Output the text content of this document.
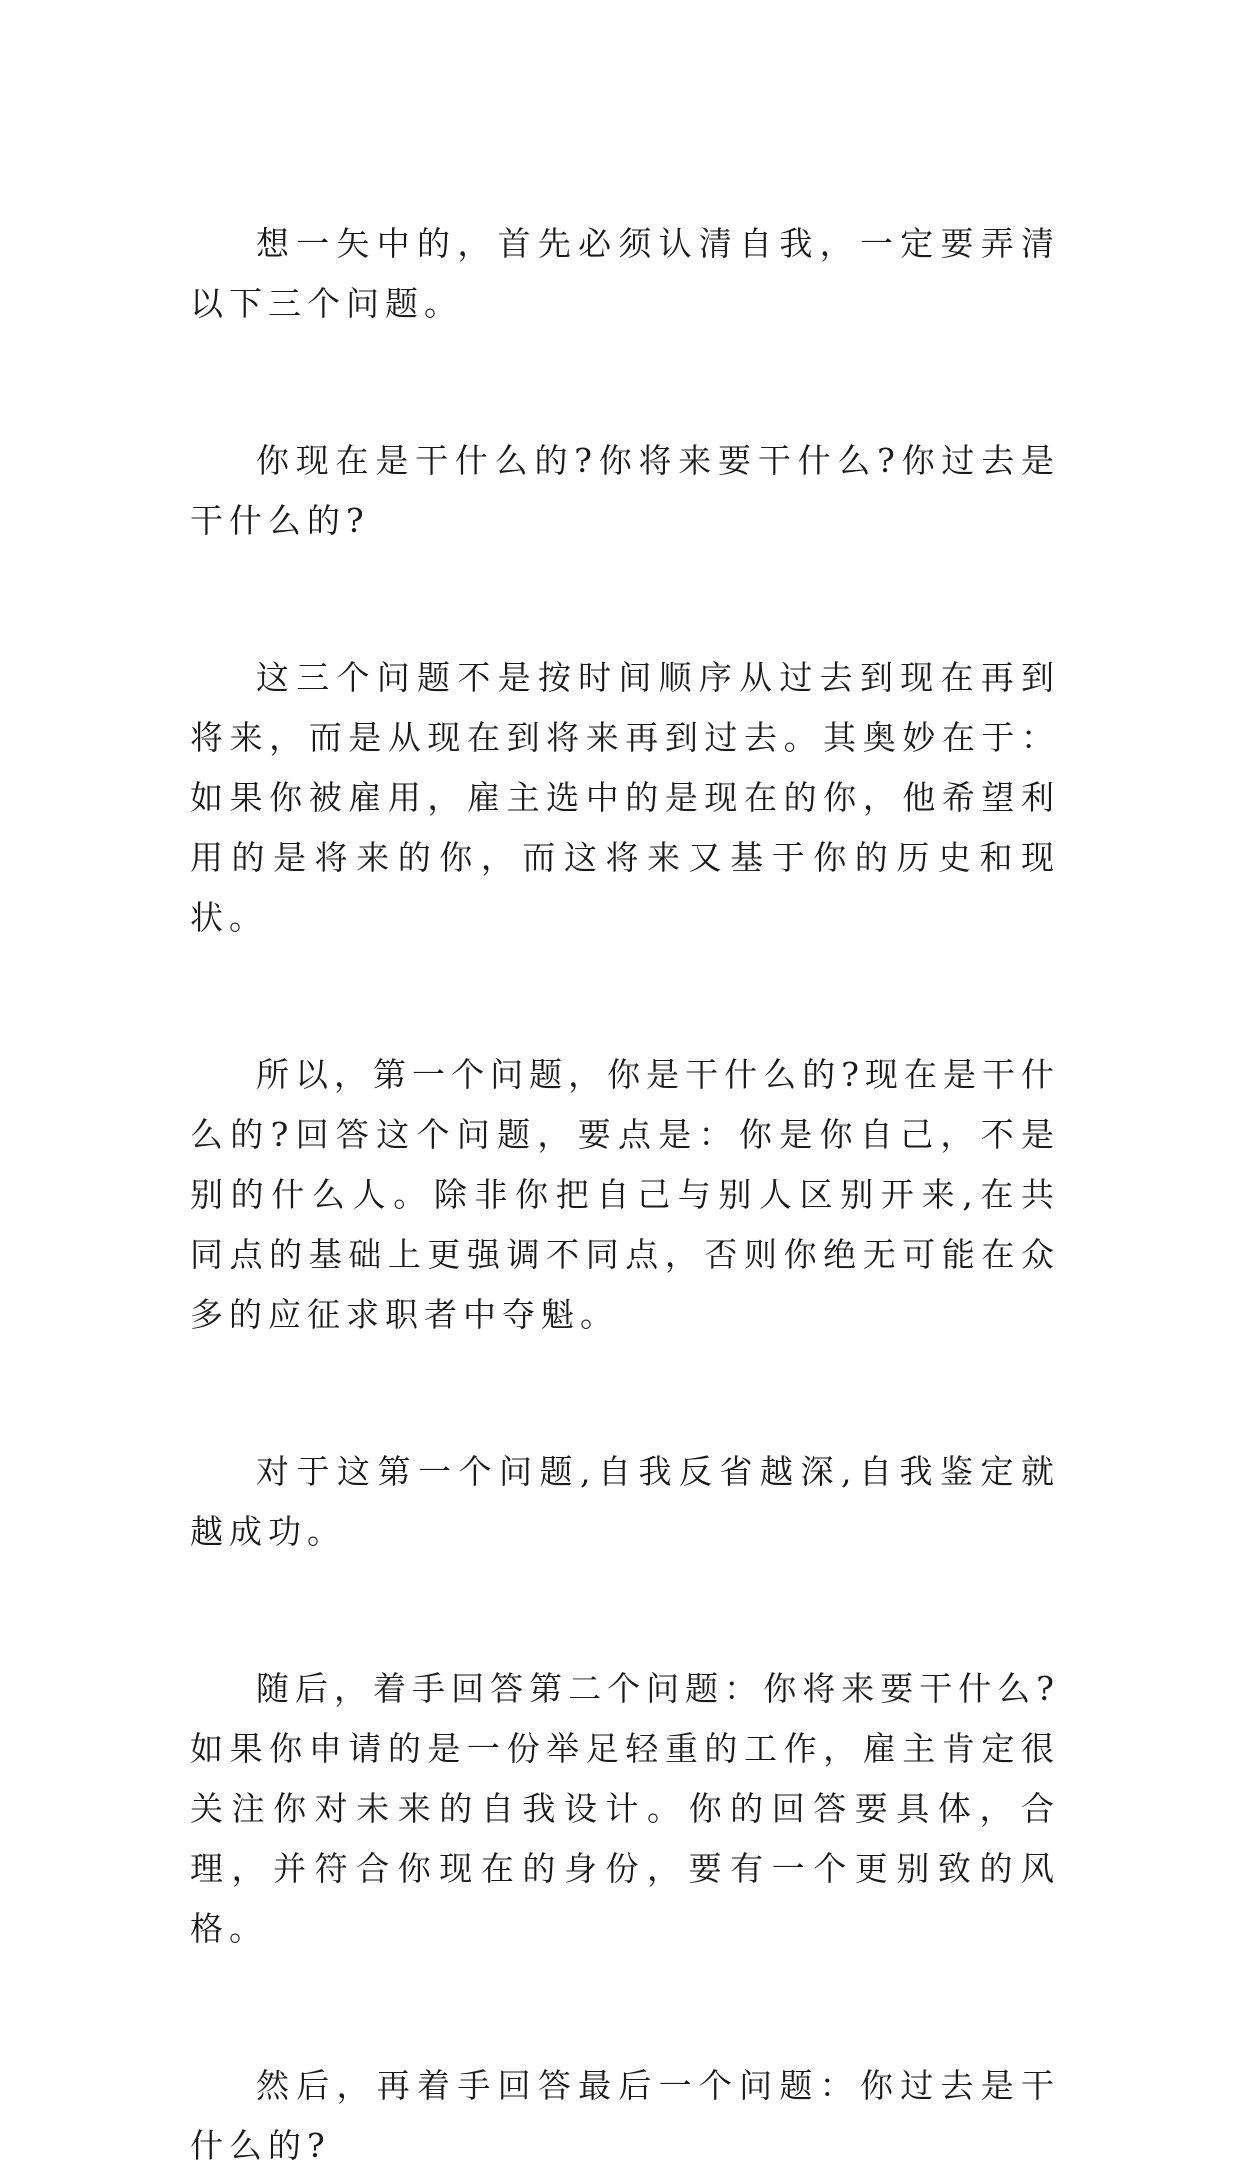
想一矢中的，首先必须认清自我，一定要弄清以下三个问题。

你现在是干什么的?你将来要干什么?你过去是干什么的?

这三个问题不是按时间顺序从过去到现在再到将来，而是从现在到将来再到过去。其奥妙在于：如果你被雇用，雇主选中的是现在的你，他希望利用的是将来的你，而这将来又基于你的历史和现状。

所以，第一个问题，你是干什么的?现在是干什么的?回答这个问题，要点是：你是你自己，不是别的什么人。除非你把自己与别人区别开来,在共同点的基础上更强调不同点，否则你绝无可能在众多的应征求职者中夺魁。

对于这第一个问题,自我反省越深,自我鉴定就越成功。

随后，着手回答第二个问题：你将来要干什么?如果你申请的是一份举足轻重的工作，雇主肯定很关注你对未来的自我设计。你的回答要具体，合理，并符合你现在的身份，要有一个更别致的风格。

然后，再着手回答最后一个问题：你过去是干什么的?
